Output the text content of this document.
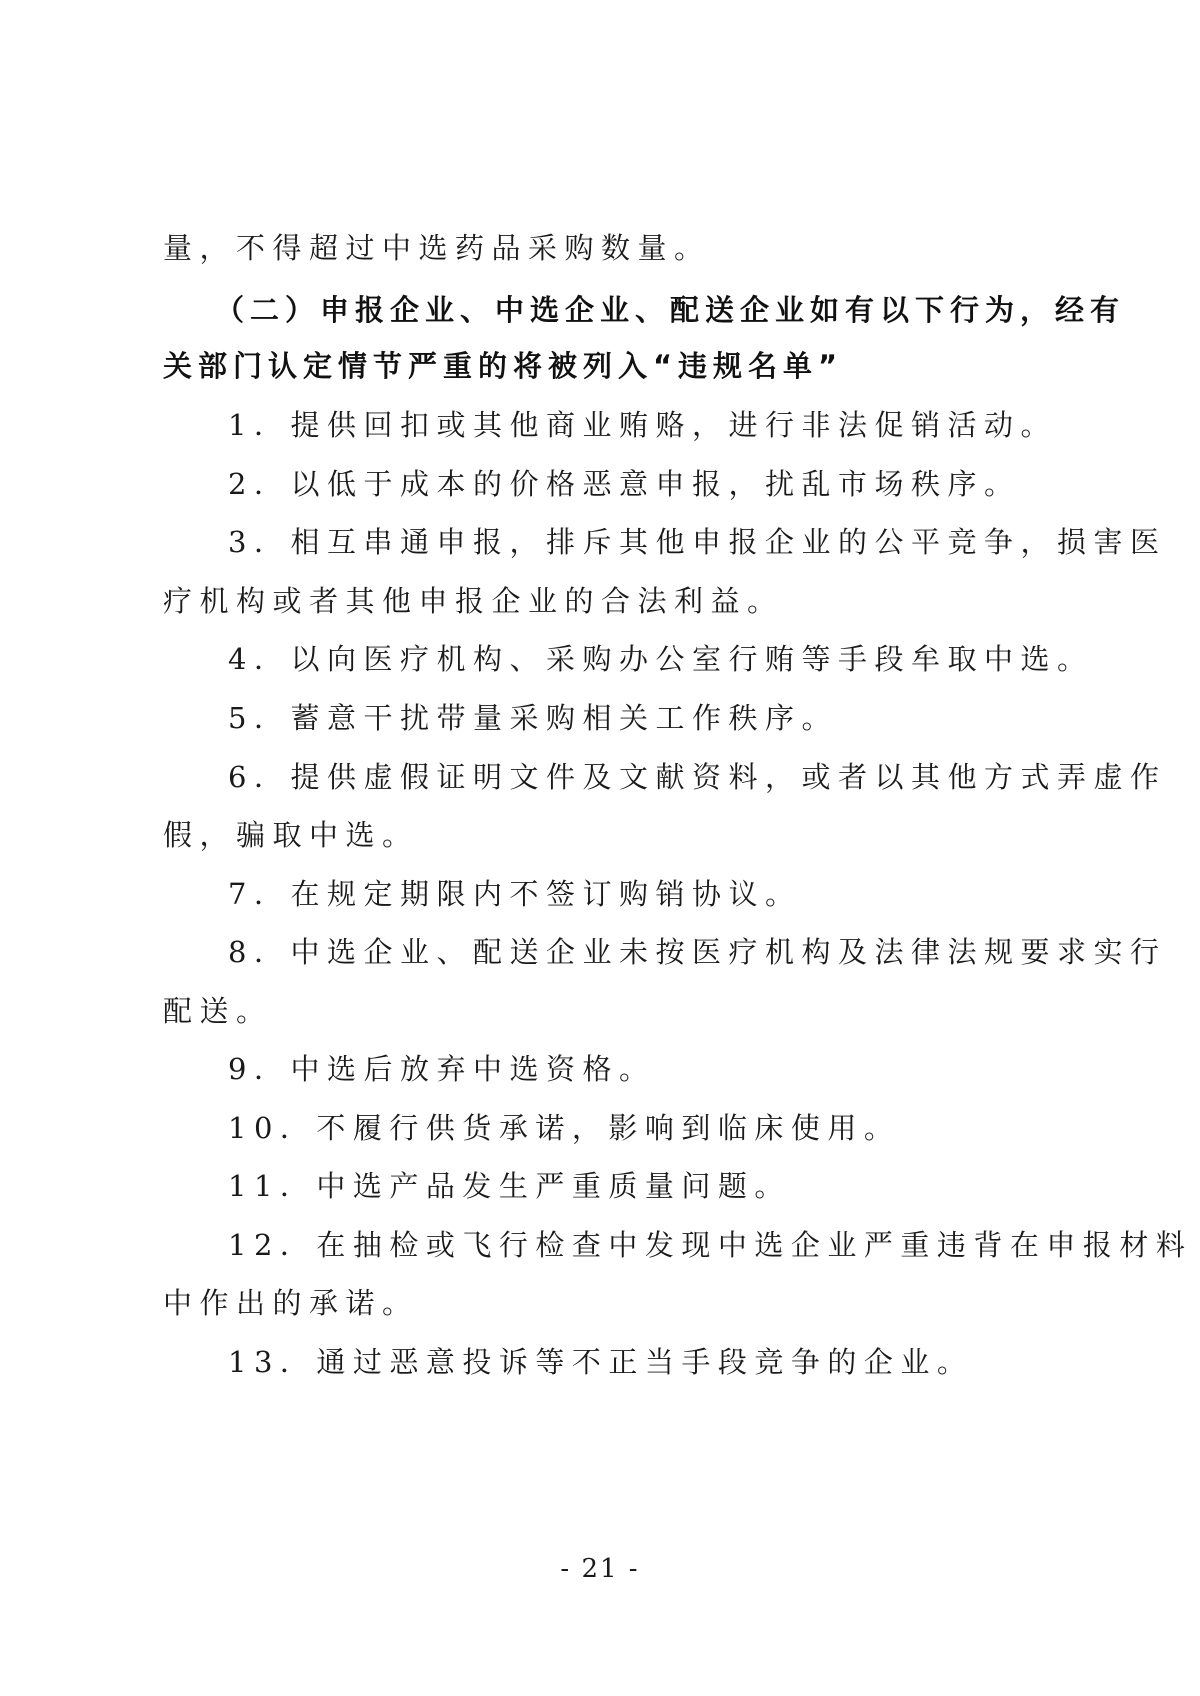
量，不得超过中选药品采购数量。

（二）申报企业、中选企业、配送企业如有以下行为，经有

关部门认定情节严重的将被列入“违规名单”

1．提供回扣或其他商业贿赂，进行非法促销活动。

2．以低于成本的价格恶意申报，扰乱市场秩序。

3．相互串通申报，排斥其他申报企业的公平竞争，损害医

疗机构或者其他申报企业的合法利益。

4．以向医疗机构、采购办公室行贿等手段牟取中选。

5．蓄意干扰带量采购相关工作秩序。

6．提供虚假证明文件及文献资料，或者以其他方式弄虚作

假，骗取中选。

7．在规定期限内不签订购销协议。

8．中选企业、配送企业未按医疗机构及法律法规要求实行

配送。

9．中选后放弃中选资格。

10．不履行供货承诺，影响到临床使用。

11．中选产品发生严重质量问题。

12．在抽检或飞行检查中发现中选企业严重违背在申报材料

中作出的承诺。

13．通过恶意投诉等不正当手段竞争的企业。

- 21 -
